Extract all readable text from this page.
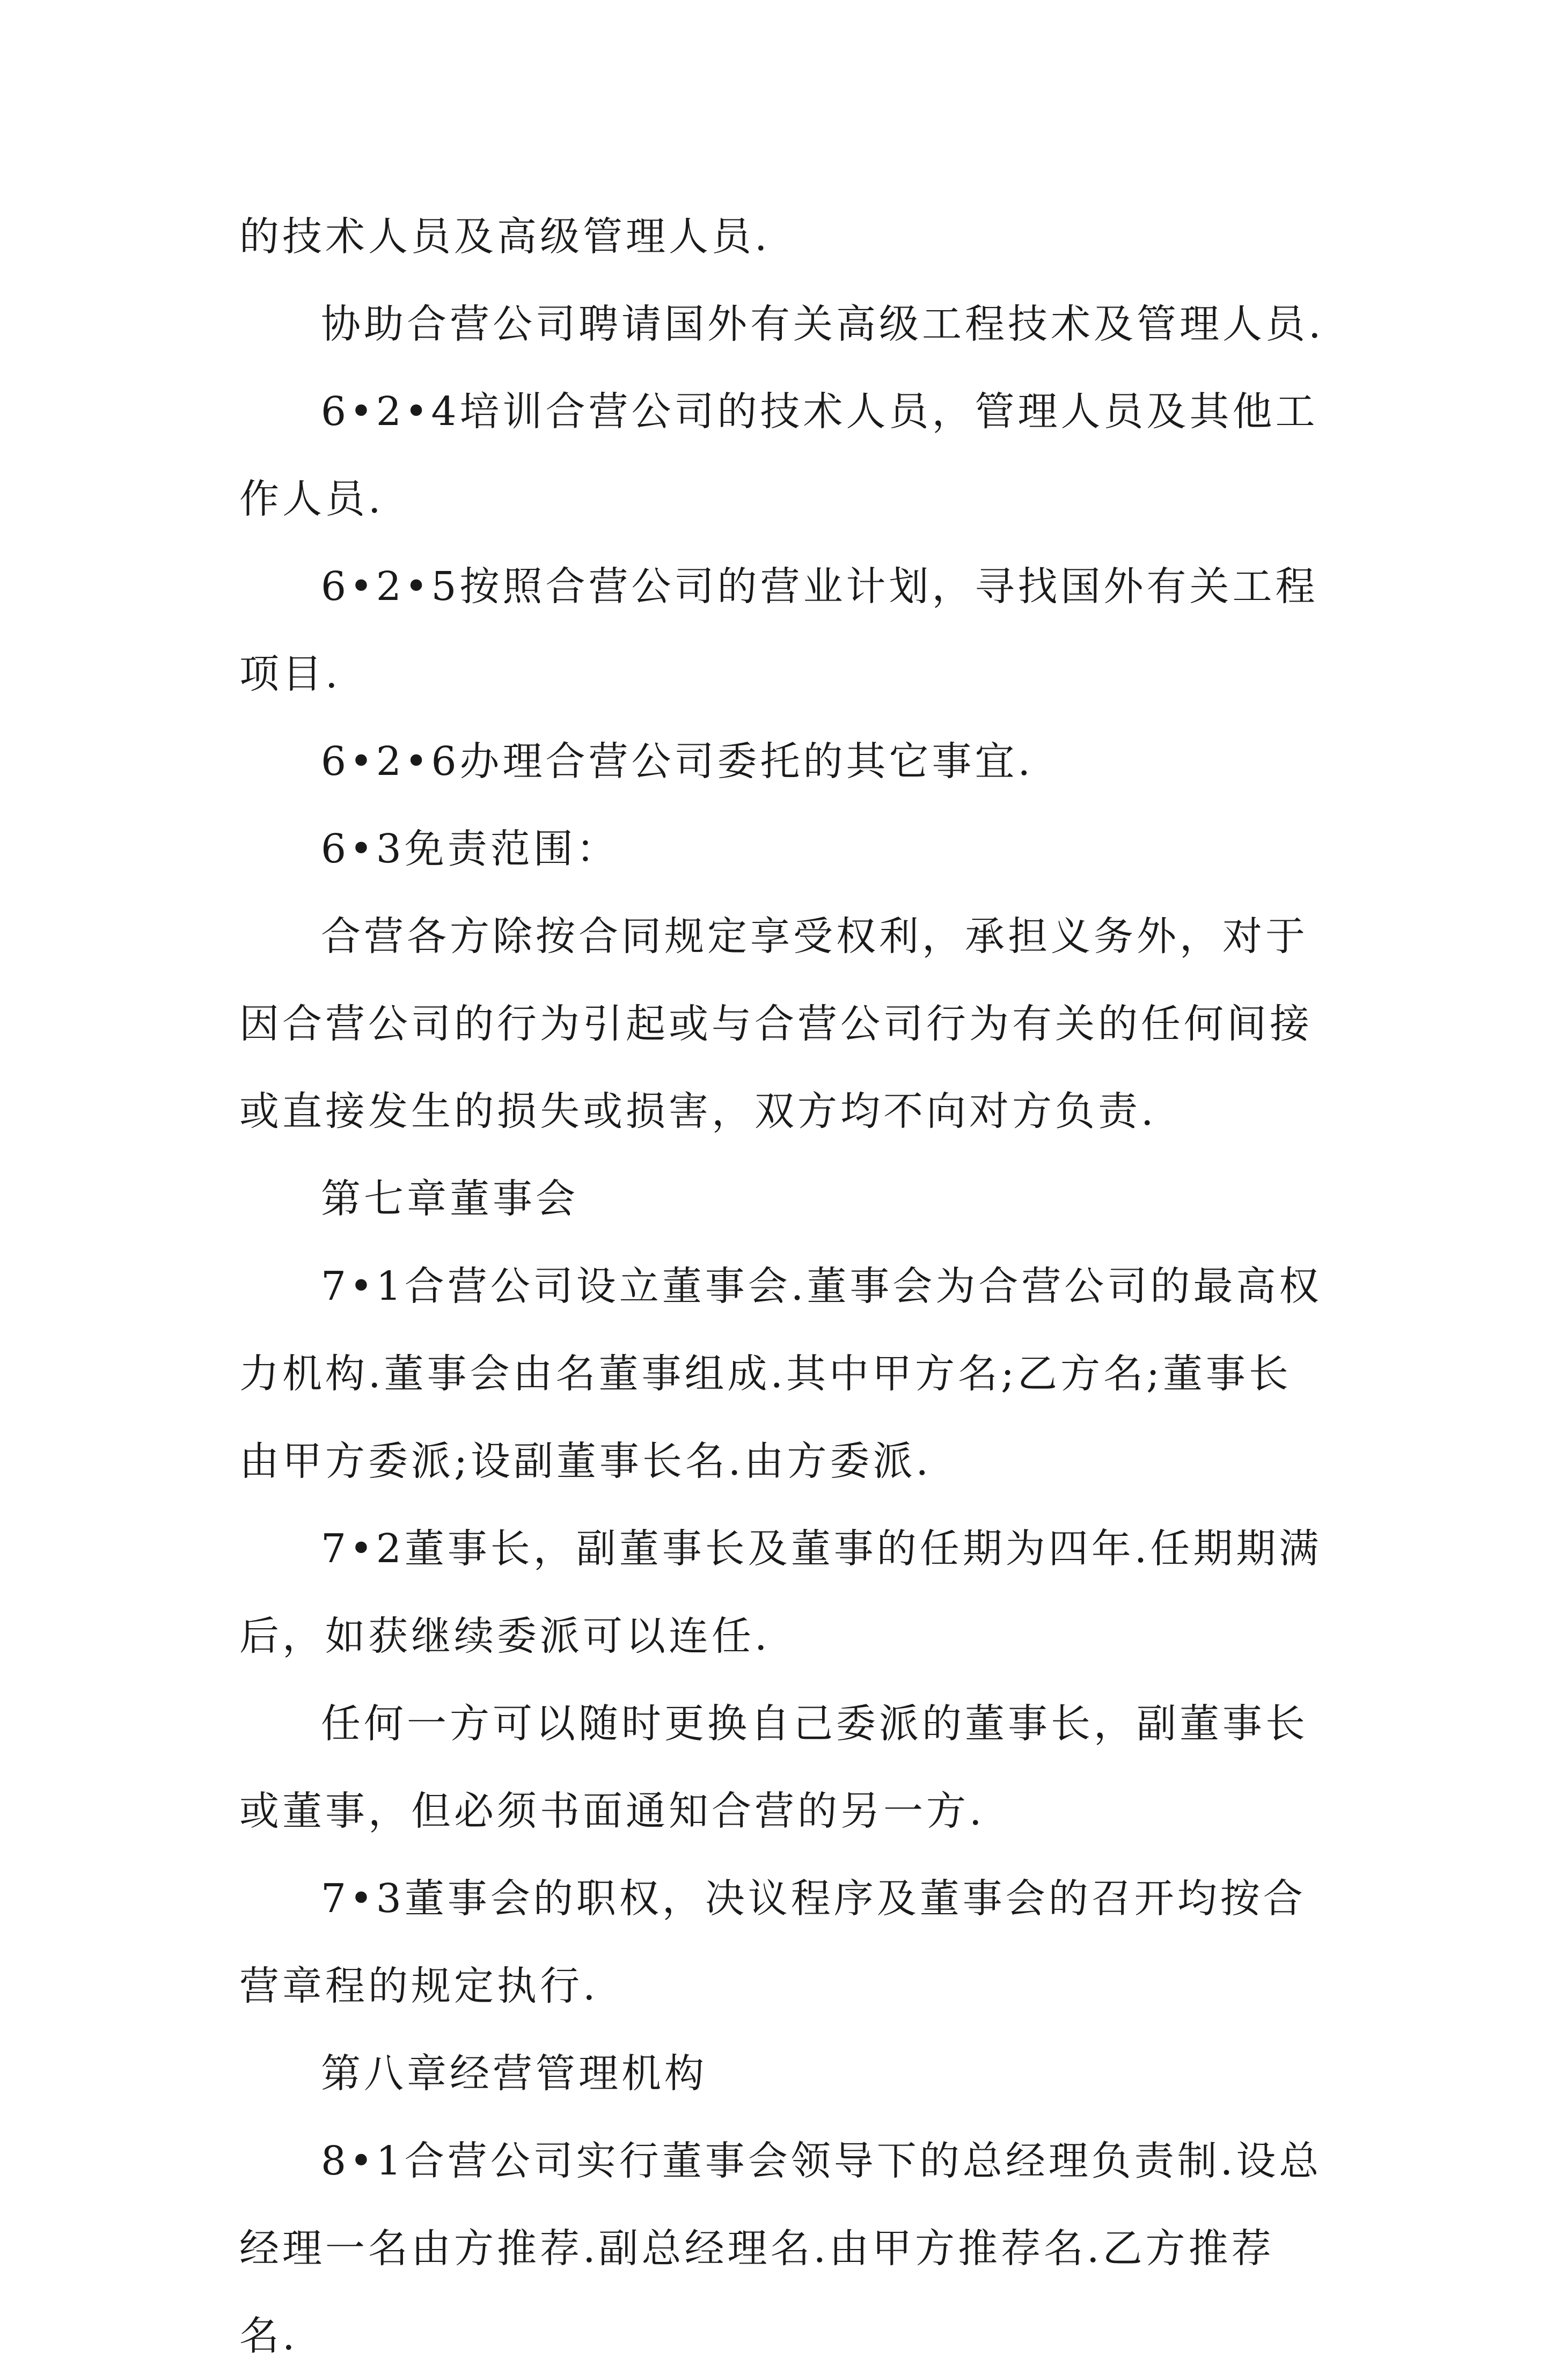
的技术人员及高级管理人员.

协助合营公司聘请国外有关高级工程技术及管理人员.

6•2•4培训合营公司的技术人员，管理人员及其他工作人员.

6•2•5按照合营公司的营业计划，寻找国外有关工程项目.

6•2•6办理合营公司委托的其它事宜.

6•3免责范围：

合营各方除按合同规定享受权利，承担义务外，对于因合营公司的行为引起或与合营公司行为有关的任何间接或直接发生的损失或损害，双方均不向对方负责.

第七章董事会

7•1合营公司设立董事会.董事会为合营公司的最高权力机构.董事会由名董事组成.其中甲方名;乙方名;董事长由甲方委派;设副董事长名.由方委派.

7•2董事长，副董事长及董事的任期为四年.任期期满后，如获继续委派可以连任.

任何一方可以随时更换自己委派的董事长，副董事长或董事，但必须书面通知合营的另一方.

7•3董事会的职权，决议程序及董事会的召开均按合营章程的规定执行.

第八章经营管理机构

8•1合营公司实行董事会领导下的总经理负责制.设总经理一名由方推荐.副总经理名.由甲方推荐名.乙方推荐名.
